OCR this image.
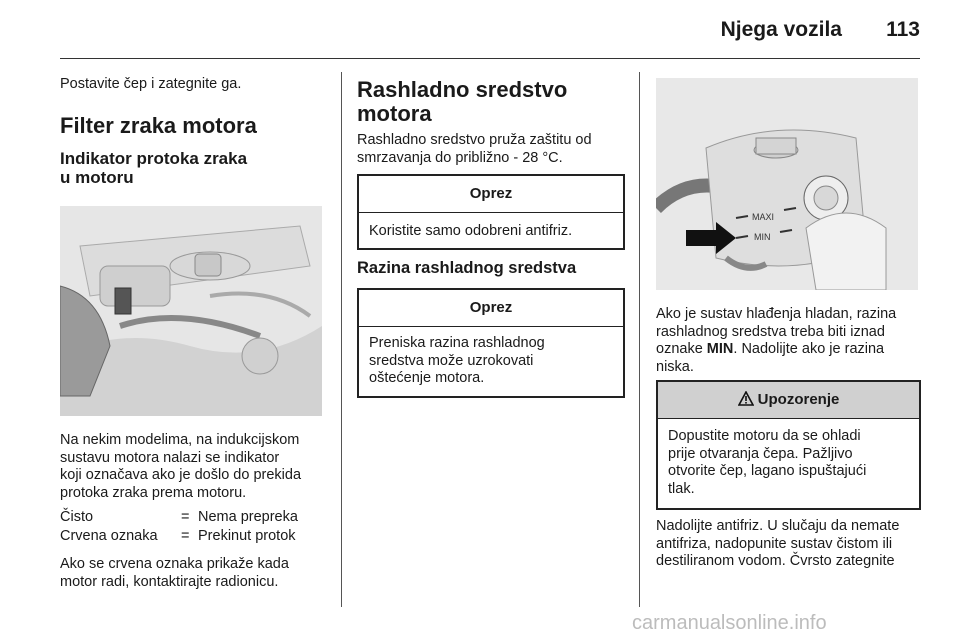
Njega vozila 113

Postavite čep i zategnite ga.

Filter zraka motora
Indikator protoka zraka
u motoru

Na nekim modelima, na indukcijskom

sustavu motora nalazi se indikator

koji označava ako je došlo do prekida

protoka zraka prema motoru.

Čisto	= Nema prepreka
Crvena oznaka = Prekinut protok

Ako se crvena oznaka prikaže kada

motor radi, kontaktirajte radionicu.

Rashladno sredstvo
motora

Rashladno sredstvo pruža zaštitu od

smrzavanja do približno - 28 °C.

Oprez
Koristite samo odobreni antifriz.
Razina rashladnog sredstva
Oprez

Preniska razina rashladnog

sredstva može uzrokovati

oštećenje motora.

MAXI
MIN

Ako je sustav hlađenja hladan, razina

rashladnog sredstva treba biti iznad

oznake MIN. Nadolijte ako je razina

niska.

Upozorenje

Dopustite motoru da se ohladi

prije otvaranja čepa. Pažljivo

otvorite čep, lagano ispuštajući

tlak.

Nadolijte antifriz. U slučaju da nemate

antifriza, nadopunite sustav čistom ili

destiliranom vodom. Čvrsto zategnite

carmanualsonline.info
